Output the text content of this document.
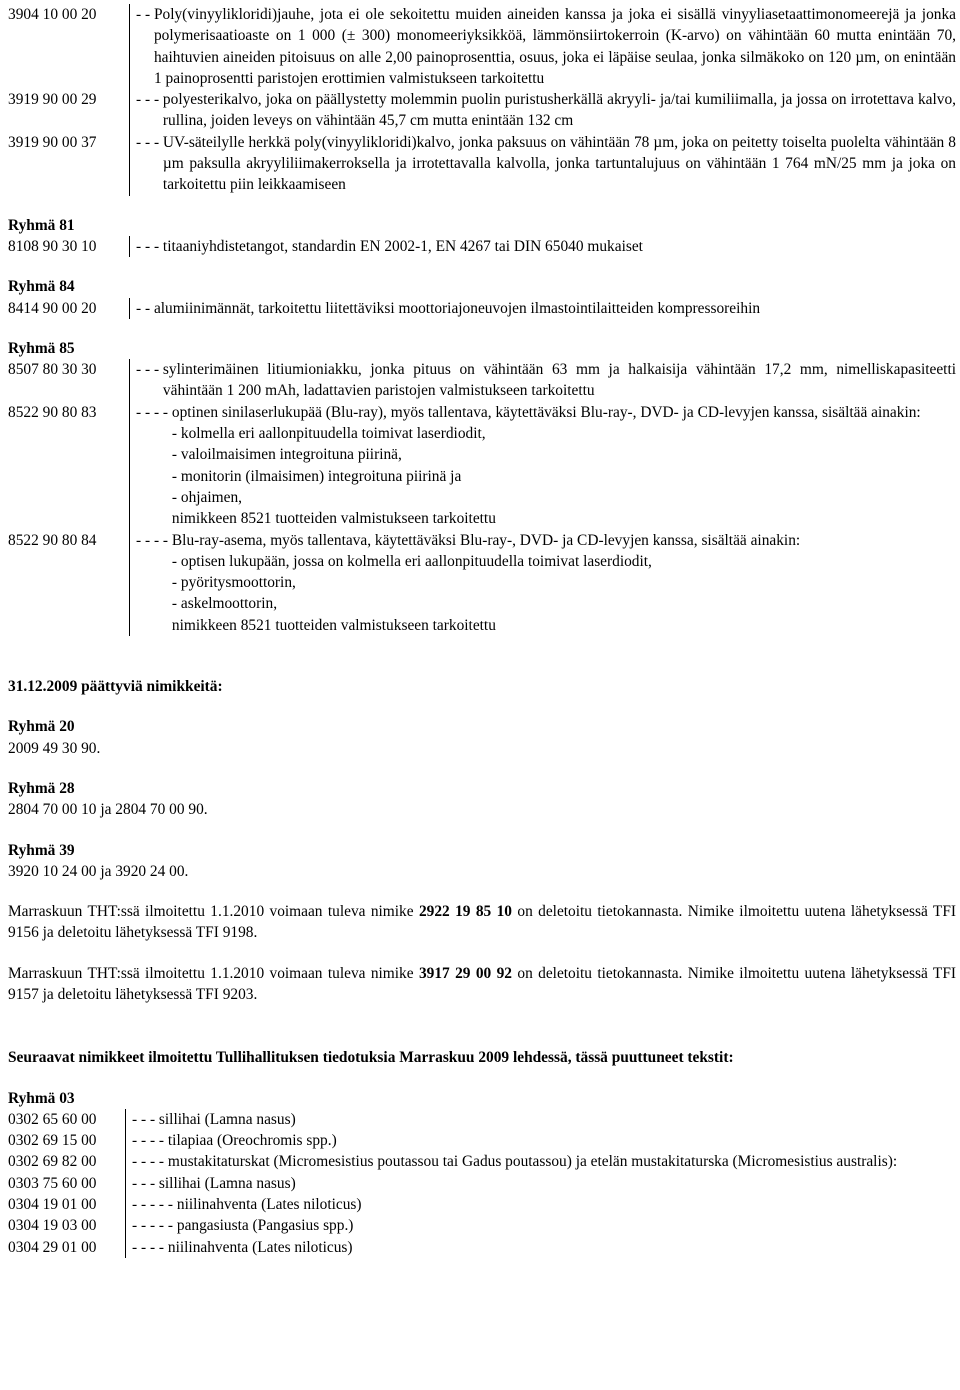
3904 10 00 20	- - Poly(vinyylikloridi)jauhe, jota ei ole sekoitettu muiden aineiden kanssa ja joka ei sisällä vinyyliasetaattimonomeerejä ja jonka polymerisaatioaste on 1 000 (± 300) monomeeriyksikköä, lämmönsiirtokerroin (K-arvo) on vähintään 60 mutta enintään 70, haihtuvien aineiden pitoisuus on alle 2,00 painoprosenttia, osuus, joka ei läpäise seulaa, jonka silmäkoko on 120 µm, on enintään 1 painoprosentti paristojen erottimien valmistukseen tarkoitettu
3919 90 00 29	- - - polyesterikalvo, joka on päällystetty molemmin puolin puristusherkällä akryyli- ja/tai kumiliimalla, ja jossa on irrotettava kalvo, rullina, joiden leveys on vähintään 45,7 cm mutta enintään 132 cm
3919 90 00 37	- - - UV-säteilylle herkkä poly(vinyylikloridi)kalvo, jonka paksuus on vähintään 78 µm, joka on peitetty toiselta puolelta vähintään 8 µm paksulla akryyliliimakerroksella ja irrotettavalla kalvolla, jonka tartuntalujuus on vähintään 1 764 mN/25 mm ja joka on tarkoitettu piin leikkaamiseen
Ryhmä 81
8108 90 30 10	- - - titaaniyhdistetangot, standardin EN 2002-1, EN 4267 tai DIN 65040 mukaiset
Ryhmä 84
8414 90 00 20	- - alumiinimännät, tarkoitettu liitettäviksi moottoriajoneuvojen ilmastointilaitteiden kompressoreihin
Ryhmä 85
8507 80 30 30	- - - sylinterimäinen litiumioniakku, jonka pituus on vähintään 63 mm ja halkaisija vähintään 17,2 mm, nimelliskapasiteetti vähintään 1 200 mAh, ladattavien paristojen valmistukseen tarkoitettu
8522 90 80 83	- - - - optinen sinilaserlukupää (Blu-ray), myös tallentava, käytettäväksi Blu-ray-, DVD- ja CD-levyjen kanssa, sisältää ainakin:
- kolmella eri aallonpituudella toimivat laserdiodit,
- valoilmaisimen integroituna piirinä,
- monitorin (ilmaisimen) integroituna piirinä ja
- ohjaimen,
nimikkeen 8521 tuotteiden valmistukseen tarkoitettu
8522 90 80 84	- - - - Blu-ray-asema, myös tallentava, käytettäväksi Blu-ray-, DVD- ja CD-levyjen kanssa, sisältää ainakin:
- optisen lukupään, jossa on kolmella eri aallonpituudella toimivat laserdiodit,
- pyöritysmoottorin,
- askelmoottorin,
nimikkeen 8521 tuotteiden valmistukseen tarkoitettu
31.12.2009 päättyviä nimikkeitä:
Ryhmä 20
2009 49 30 90.
Ryhmä 28
2804 70 00 10 ja 2804 70 00 90.
Ryhmä 39
3920 10 24 00 ja 3920 24 00.
Marraskuun THT:ssä ilmoitettu 1.1.2010 voimaan tuleva nimike 2922 19 85 10 on deletoitu tietokannasta. Nimike ilmoitettu uutena lähetyksessä TFI 9156 ja deletoitu lähetyksessä TFI 9198.
Marraskuun THT:ssä ilmoitettu 1.1.2010 voimaan tuleva nimike 3917 29 00 92 on deletoitu tietokannasta. Nimike ilmoitettu uutena lähetyksessä TFI 9157 ja deletoitu lähetyksessä TFI 9203.
Seuraavat nimikkeet ilmoitettu Tullihallituksen tiedotuksia Marraskuu 2009 lehdessä, tässä puuttuneet tekstit:
Ryhmä 03
0302 65 60 00	- - - sillihai (Lamna nasus)
0302 69 15 00	- - - - tilapiaa (Oreochromis spp.)
0302 69 82 00	- - - - mustakitaturskat (Micromesistius poutassou tai Gadus poutassou) ja etelän mustakitaturska (Micromesistius australis):
0303 75 60 00	- - - sillihai (Lamna nasus)
0304 19 01 00	- - - - - niilinahventa (Lates niloticus)
0304 19 03 00	- - - - - pangasiusta (Pangasius spp.)
0304 29 01 00	- - - - niilinahventa (Lates niloticus)
